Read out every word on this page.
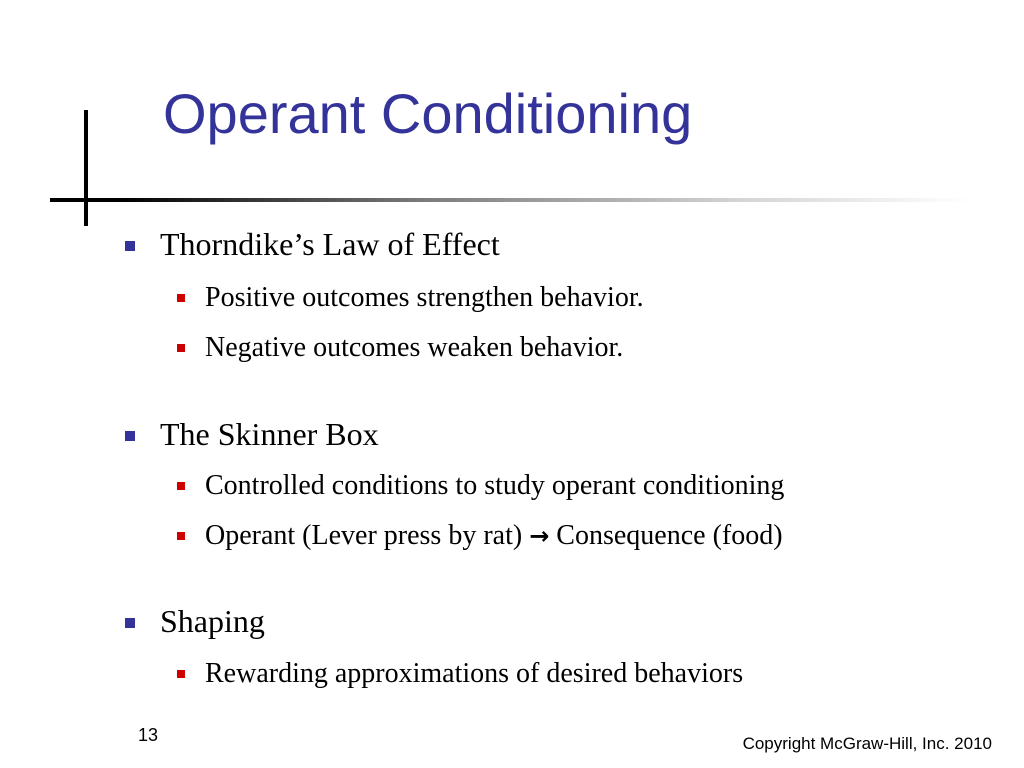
Operant Conditioning
Thorndike’s Law of Effect
Positive outcomes strengthen behavior.
Negative outcomes weaken behavior.
The Skinner Box
Controlled conditions to study operant conditioning
Operant (Lever press by rat) → Consequence (food)
Shaping
Rewarding approximations of desired behaviors
13	Copyright McGraw-Hill, Inc. 2010
